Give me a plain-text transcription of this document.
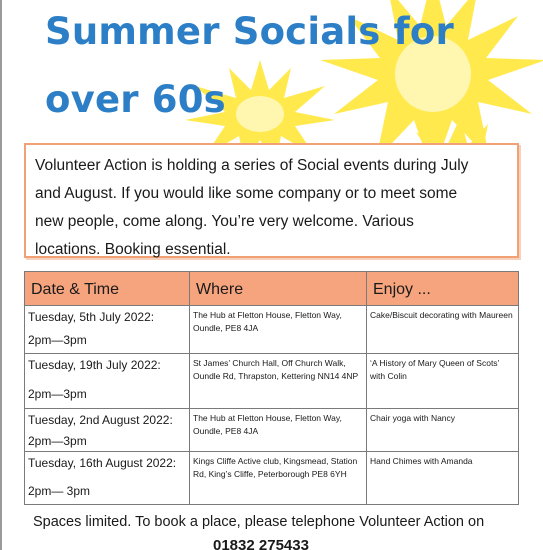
Summer Socials for
over 60s
Volunteer Action is holding a series of Social events during July
and August. If you would like some company or to meet some
new people, come along. You’re very welcome. Various
locations. Booking essential.
Date & Time	Where	Enjoy ...

Tuesday, 5th July 2022:
2pm—3pm	The Hub at Fletton House, Fletton Way, Oundle, PE8 4JA	Cake/Biscuit decorating with Maureen

Tuesday, 19th July 2022:
2pm—3pm	St James’ Church Hall, Off Church Walk, Oundle Rd, Thrapston, Kettering NN14 4NP	‘A History of Mary Queen of Scots’ with Colin

Tuesday, 2nd August 2022:
2pm—3pm	The Hub at Fletton House, Fletton Way, Oundle, PE8 4JA	Chair yoga with Nancy

Tuesday, 16th August 2022:
2pm— 3pm	Kings Cliffe Active club, Kingsmead, Station Rd, King’s Cliffe, Peterborough PE8 6YH	Hand Chimes with Amanda
Spaces limited. To book a place, please telephone Volunteer Action on
01832 275433
